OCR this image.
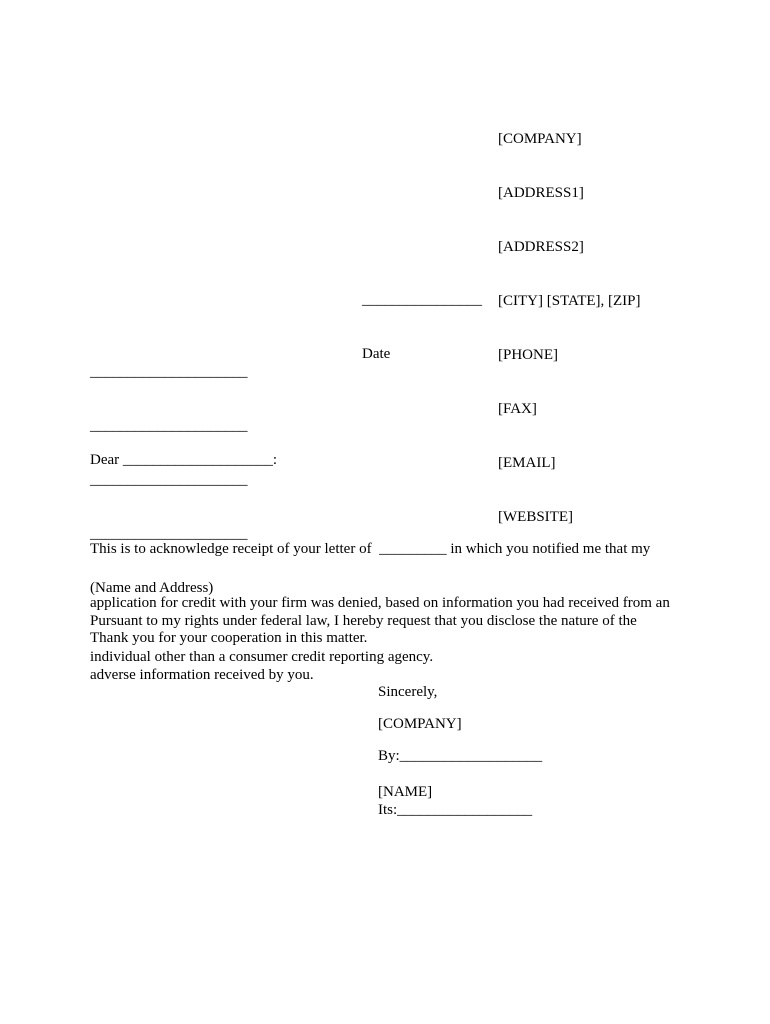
[COMPANY]

[ADDRESS1]

[ADDRESS2]

[CITY] [STATE], [ZIP]

[PHONE]

[FAX]

[EMAIL]

[WEBSITE]

________________

Date

_____________________

_____________________

_____________________

_____________________

(Name and Address)

Dear ____________________:

This is to acknowledge receipt of your letter of  _________ in which you notified me that my

application for credit with your firm was denied, based on information you had received from an

individual other than a consumer credit reporting agency.

Pursuant to my rights under federal law, I hereby request that you disclose the nature of the

adverse information received by you.

Thank you for your cooperation in this matter.
Sincerely,
[COMPANY]
By:___________________
[NAME]
Its:__________________
